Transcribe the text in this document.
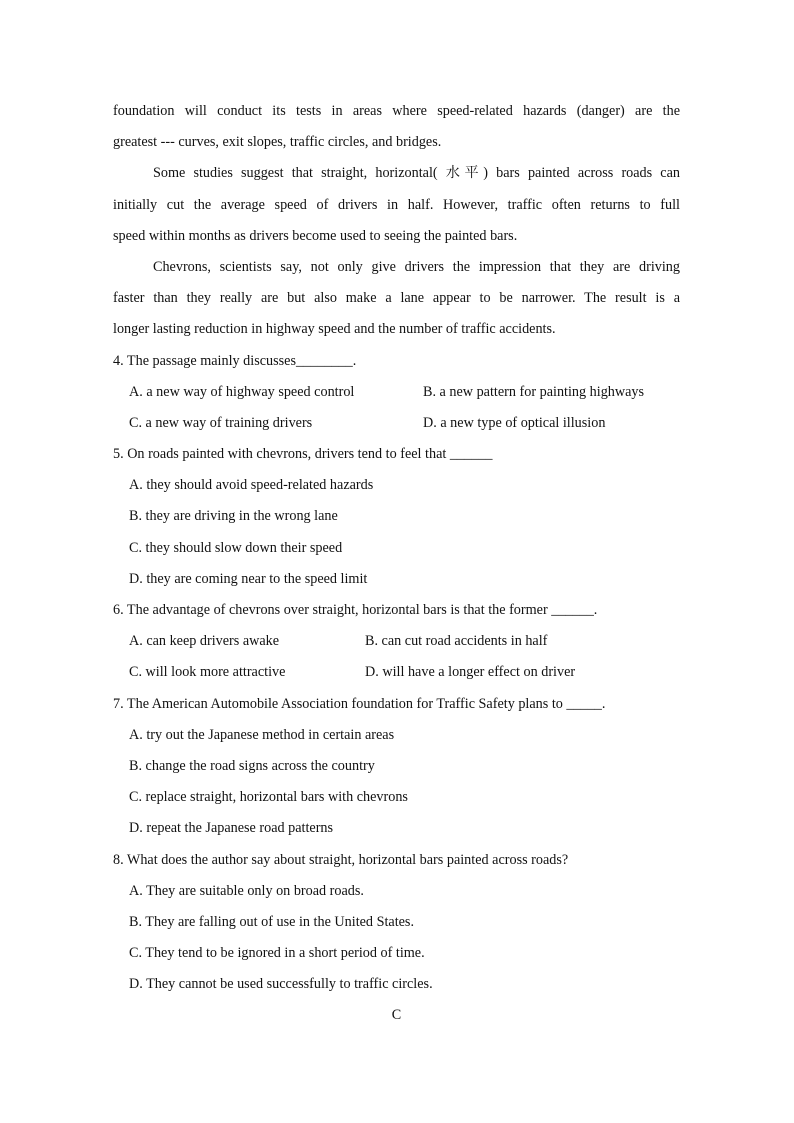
foundation will conduct its tests in areas where speed-related hazards (danger) are the
greatest --- curves, exit slopes, traffic circles, and bridges.
Some studies suggest that straight, horizontal( 水平) bars painted across roads can
initially cut the average speed of drivers in half. However, traffic often returns to full
speed within months as drivers become used to seeing the painted bars.
Chevrons, scientists say, not only give drivers the impression that they are driving
faster than they really are but also make a lane appear to be narrower. The result is a
longer lasting reduction in highway speed and the number of traffic accidents.
4. The passage mainly discusses________.
A. a new way of highway speed control	B. a new pattern for painting highways
C. a new way of training drivers	D. a new type of optical illusion
5. On roads painted with chevrons, drivers tend to feel that ______
A. they should avoid speed-related hazards
B. they are driving in the wrong lane
C. they should slow down their speed
D. they are coming near to the speed limit
6. The advantage of chevrons over straight, horizontal bars is that the former ______.
A. can keep drivers awake	B. can cut road accidents in half
C. will look more attractive	D. will have a longer effect on driver
7. The American Automobile Association foundation for Traffic Safety plans to _____.
A. try out the Japanese method in certain areas
B. change the road signs across the country
C. replace straight, horizontal bars with chevrons
D. repeat the Japanese road patterns
8. What does the author say about straight, horizontal bars painted across roads?
A. They are suitable only on broad roads.
B. They are falling out of use in the United States.
C. They tend to be ignored in a short period of time.
D. They cannot be used successfully to traffic circles.
C
